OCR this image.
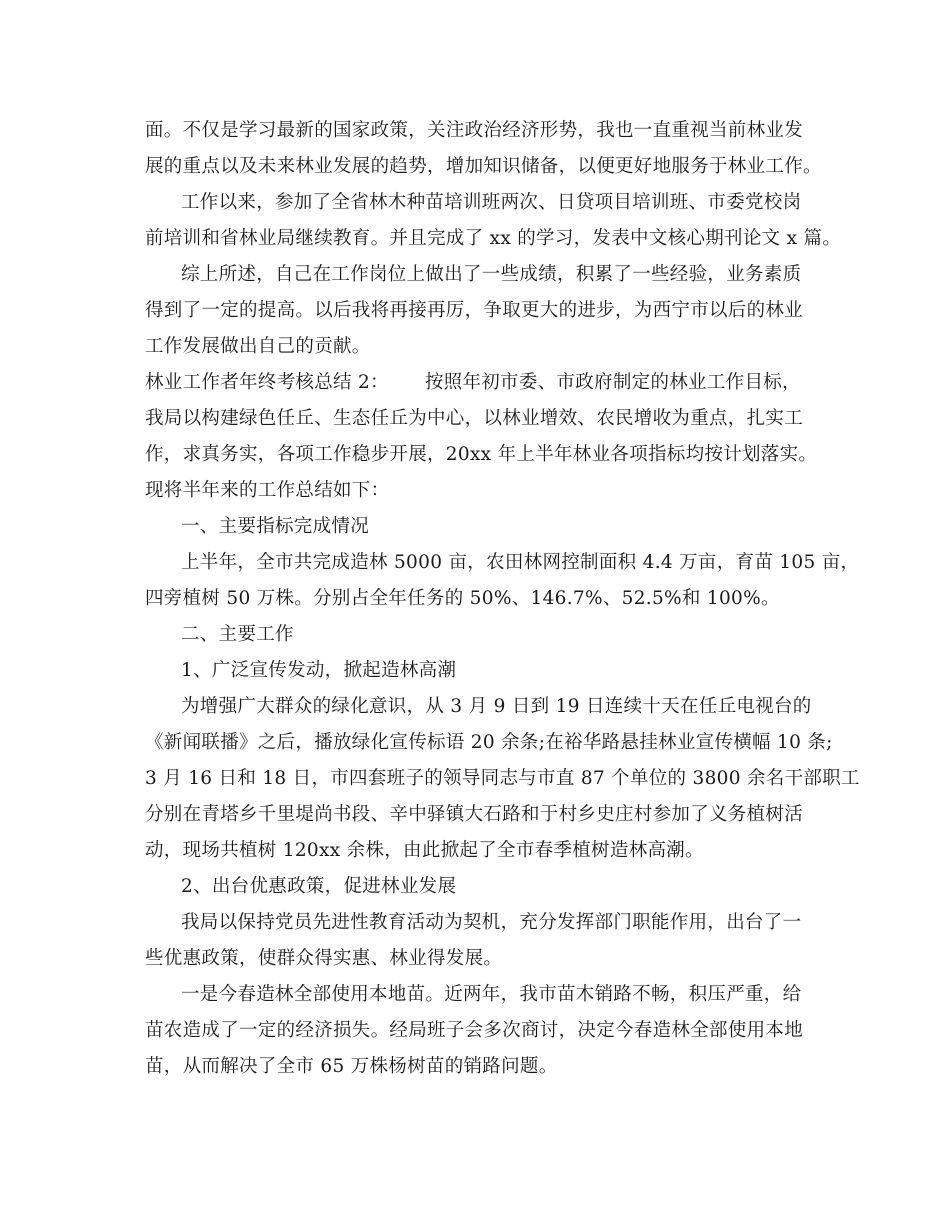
面。不仅是学习最新的国家政策，关注政治经济形势，我也一直重视当前林业发
展的重点以及未来林业发展的趋势，增加知识储备，以便更好地服务于林业工作。
工作以来，参加了全省林木种苗培训班两次、日贷项目培训班、市委党校岗
前培训和省林业局继续教育。并且完成了 xx 的学习，发表中文核心期刊论文 x 篇。
综上所述，自己在工作岗位上做出了一些成绩，积累了一些经验，业务素质
得到了一定的提高。以后我将再接再厉，争取更大的进步，为西宁市以后的林业
工作发展做出自己的贡献。
林业工作者年终考核总结 2： 按照年初市委、市政府制定的林业工作目标，
我局以构建绿色任丘、生态任丘为中心，以林业增效、农民增收为重点，扎实工
作，求真务实，各项工作稳步开展，20xx 年上半年林业各项指标均按计划落实。
现将半年来的工作总结如下：
一、主要指标完成情况
上半年，全市共完成造林 5000 亩，农田林网控制面积 4.4 万亩，育苗 105 亩，
四旁植树 50 万株。分别占全年任务的 50%、146.7%、52.5%和 100%。
二、主要工作
1、广泛宣传发动，掀起造林高潮
为增强广大群众的绿化意识，从 3 月 9 日到 19 日连续十天在任丘电视台的
《新闻联播》之后，播放绿化宣传标语 20 余条;在裕华路悬挂林业宣传横幅 10 条;
3 月 16 日和 18 日，市四套班子的领导同志与市直 87 个单位的 3800 余名干部职工
分别在青塔乡千里堤尚书段、辛中驿镇大石路和于村乡史庄村参加了义务植树活
动，现场共植树 120xx 余株，由此掀起了全市春季植树造林高潮。
2、出台优惠政策，促进林业发展
我局以保持党员先进性教育活动为契机，充分发挥部门职能作用，出台了一
些优惠政策，使群众得实惠、林业得发展。
一是今春造林全部使用本地苗。近两年，我市苗木销路不畅，积压严重，给
苗农造成了一定的经济损失。经局班子会多次商讨，决定今春造林全部使用本地
苗，从而解决了全市 65 万株杨树苗的销路问题。
